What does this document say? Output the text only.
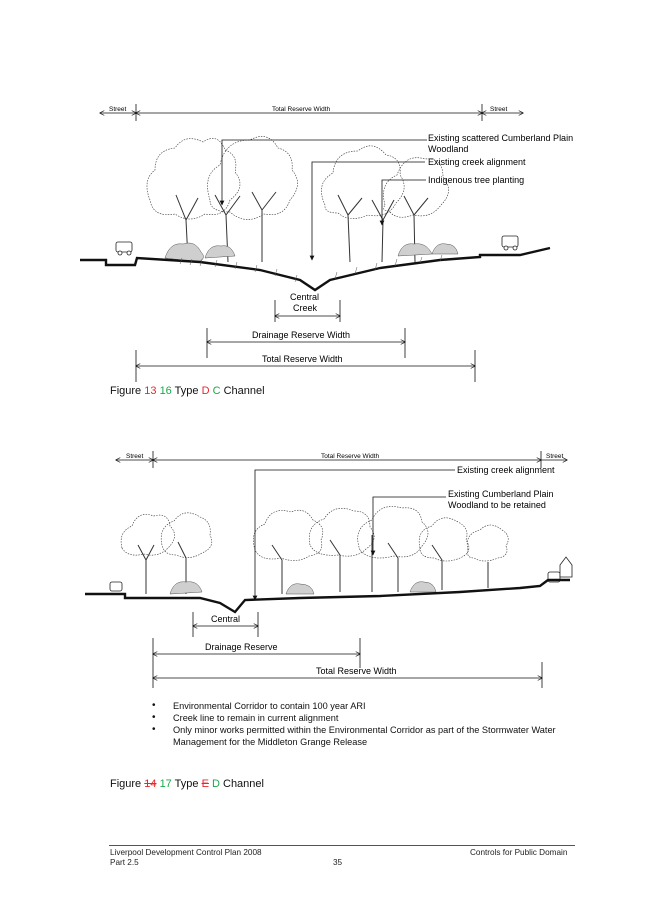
Street	Total Reserve Width	Street
Existing scattered Cumberland Plain
Woodland
Existing creek alignment
Indigenous tree planting
Central
Creek
Drainage Reserve Width
Total Reserve Width
Figure 13 16 Type D C Channel
Street	Total Reserve Width	Street
Existing creek alignment
Existing Cumberland Plain
Woodland to be retained
Central
Drainage Reserve
Total Reserve Width
• Environmental Corridor to contain 100 year ARI
• Creek line to remain in current alignment
• Only minor works permitted within the Environmental Corridor as part of the Stormwater Water Management for the Middleton Grange Release
Figure 14 17 Type E D Channel
Liverpool Development Control Plan 2008
Part 2.5	35
Controls for Public Domain
